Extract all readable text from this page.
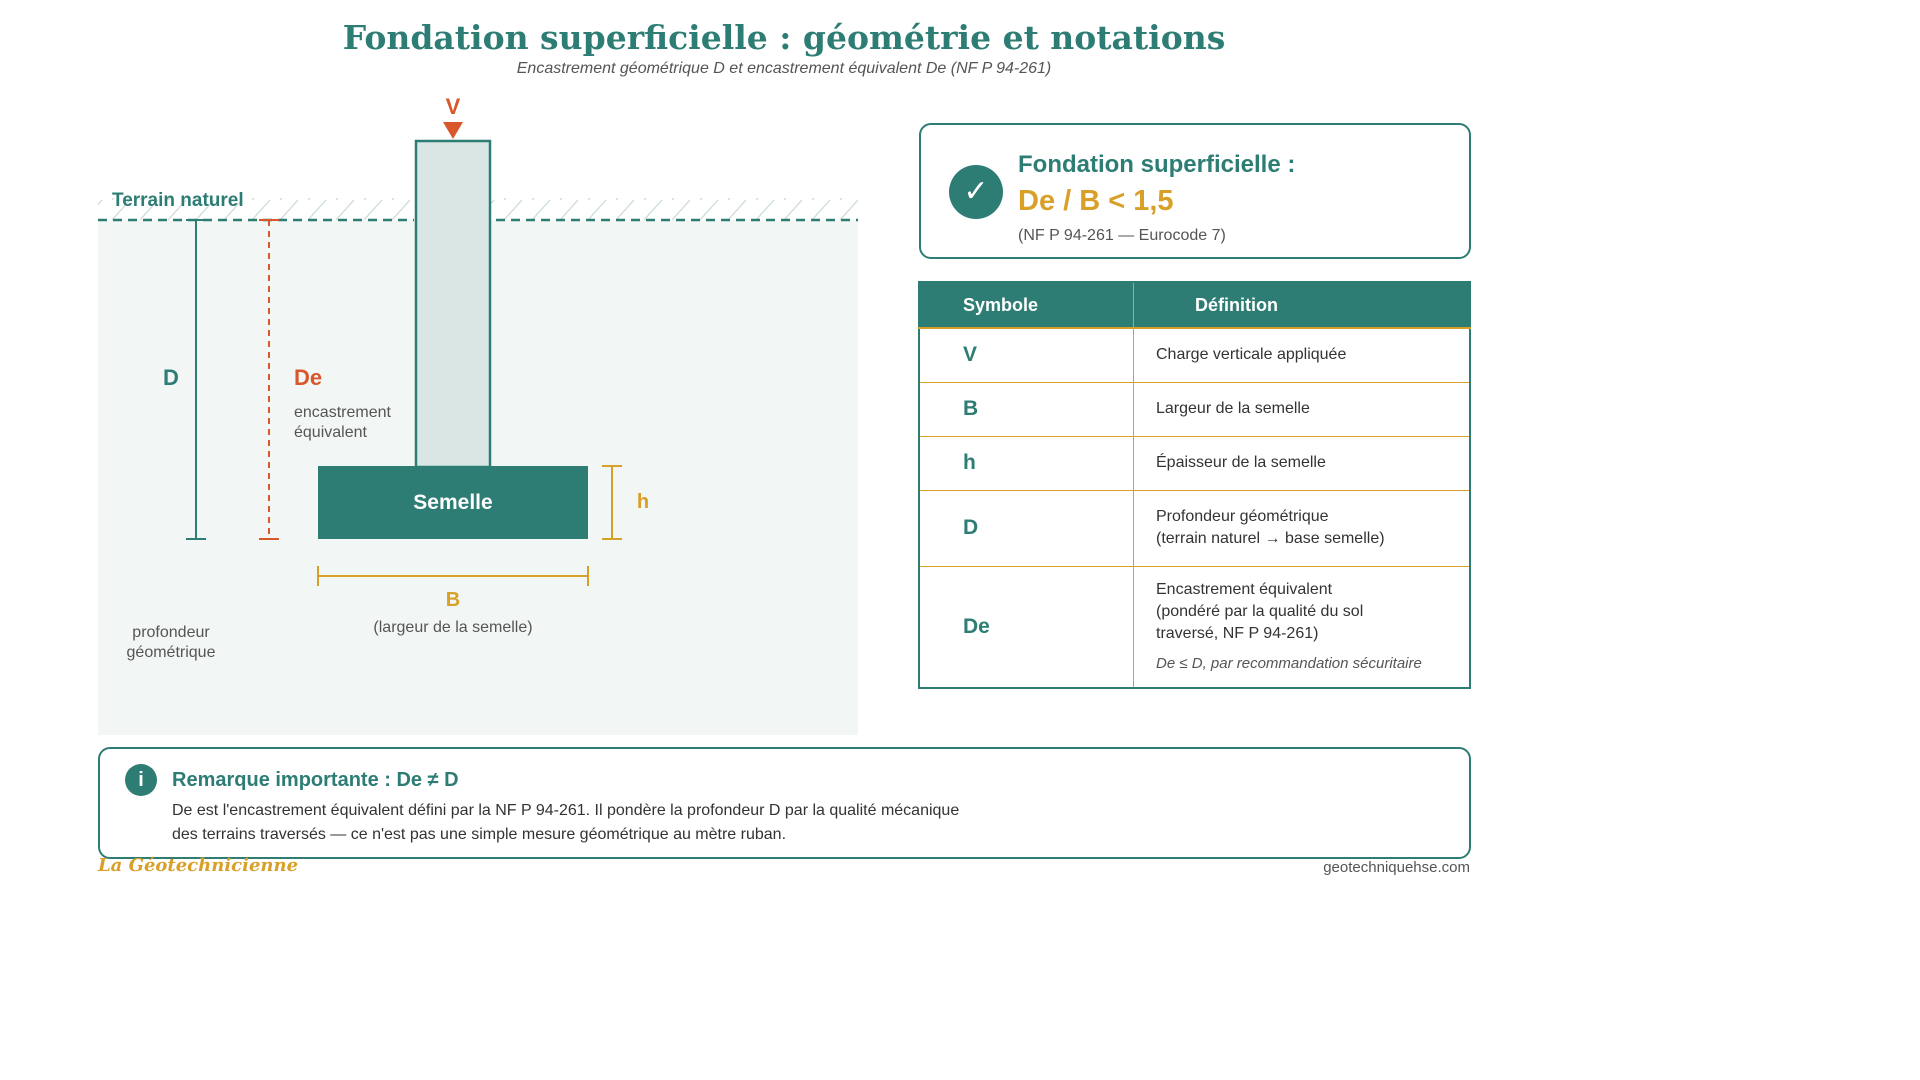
Fondation superficielle : géométrie et notations
Encastrement géométrique D et encastrement équivalent De (NF P 94-261)
Terrain naturel
V
Semelle
D
profondeur
géométrique
De
encastrement
équivalent
h
B
(largeur de la semelle)
✓
Fondation superficielle :
De / B < 1,5
(NF P 94-261 — Eurocode 7)
Symbole	Définition
V	Charge verticale appliquée
B	Largeur de la semelle
h	Épaisseur de la semelle
D	Profondeur géométrique
(terrain naturel → base semelle)
De	Encastrement équivalent
(pondéré par la qualité du sol
traversé, NF P 94-261)
De ≤ D, par recommandation sécuritaire
i	Remarque importante : De ≠ D
De est l'encastrement équivalent défini par la NF P 94-261. Il pondère la profondeur D par la qualité mécanique
des terrains traversés — ce n'est pas une simple mesure géométrique au mètre ruban.
La Géotechnicienne	geotechniquehse.com
